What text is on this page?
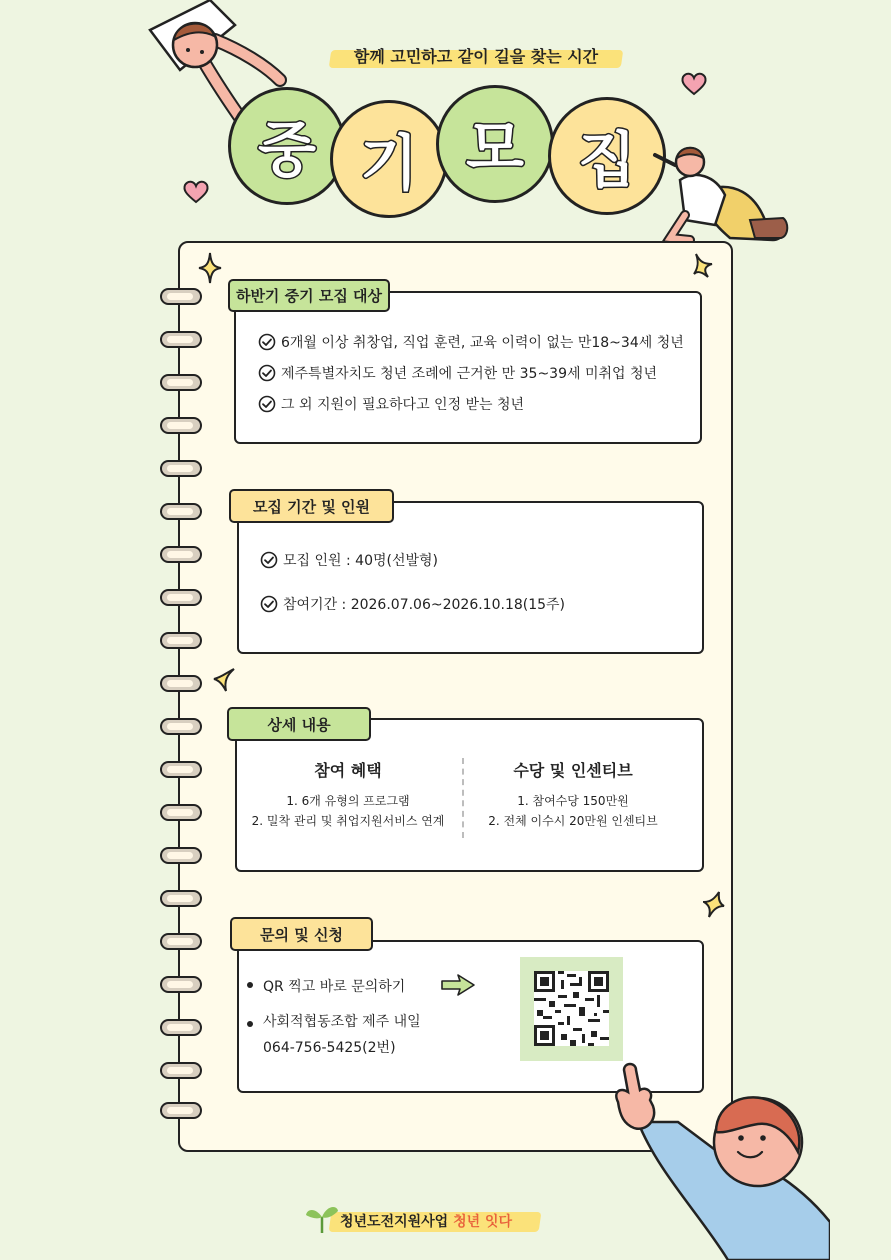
함께 고민하고 같이 길을 찾는 시간
중 기 모 집
하반기 중기 모집 대상
6개월 이상 취창업, 직업 훈련, 교육 이력이 없는 만18~34세 청년
제주특별자치도 청년 조례에 근거한 만 35~39세 미취업 청년
그 외 지원이 필요하다고 인정 받는 청년
모집 기간 및 인원
모집 인원 : 40명(선발형)
참여기간 : 2026.07.06~2026.10.18(15주)
상세 내용
참여 혜택
1. 6개 유형의 프로그램
2. 밀착 관리 및 취업지원서비스 연계
수당 및 인센티브
1. 참여수당 150만원
2. 전체 이수시 20만원 인센티브
문의 및 신청
QR 찍고 바로 문의하기
사회적협동조합 제주 내일
064-756-5425(2번)
청년도전지원사업 청년 잇다
